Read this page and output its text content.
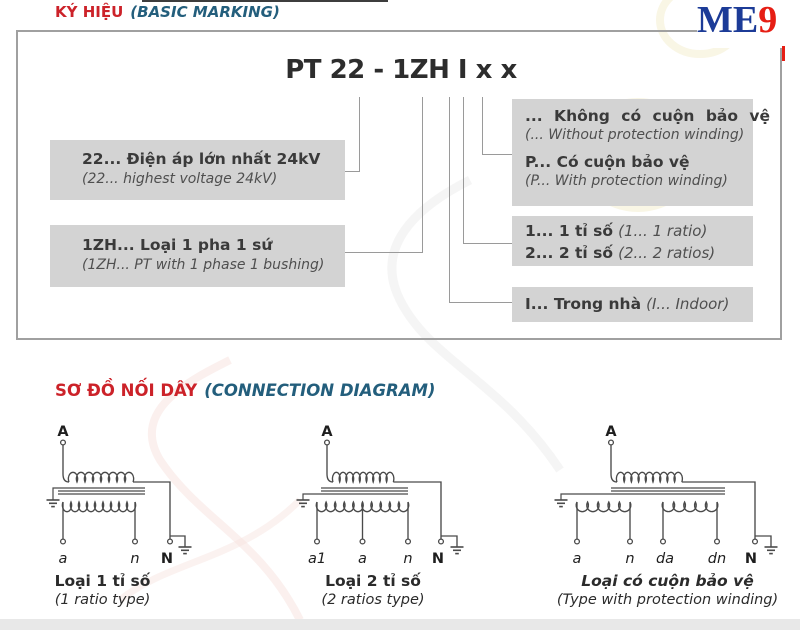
KÝ HIỆU (BASIC MARKING)	ME9
PT 22 - 1ZH I x x
22... Điện áp lớn nhất 24kV
(22... highest voltage 24kV)
1ZH... Loại 1 pha 1 sứ
(1ZH... PT with 1 phase 1 bushing)
... Không có cuộn bảo vệ
(... Without protection winding)
P... Có cuộn bảo vệ
(P... With protection winding)
1... 1 tỉ số (1... 1 ratio)
2... 2 tỉ số (2... 2 ratios)
I... Trong nhà (I... Indoor)
SƠ ĐỒ NỐI DÂY (CONNECTION DIAGRAM)
A
a	n N
Loại 1 tỉ số
(1 ratio type)
A
a1 a	n N
Loại 2 tỉ số
(2 ratios type)
A
a	n da dn N
Loại có cuộn bảo vệ
(Type with protection winding)
